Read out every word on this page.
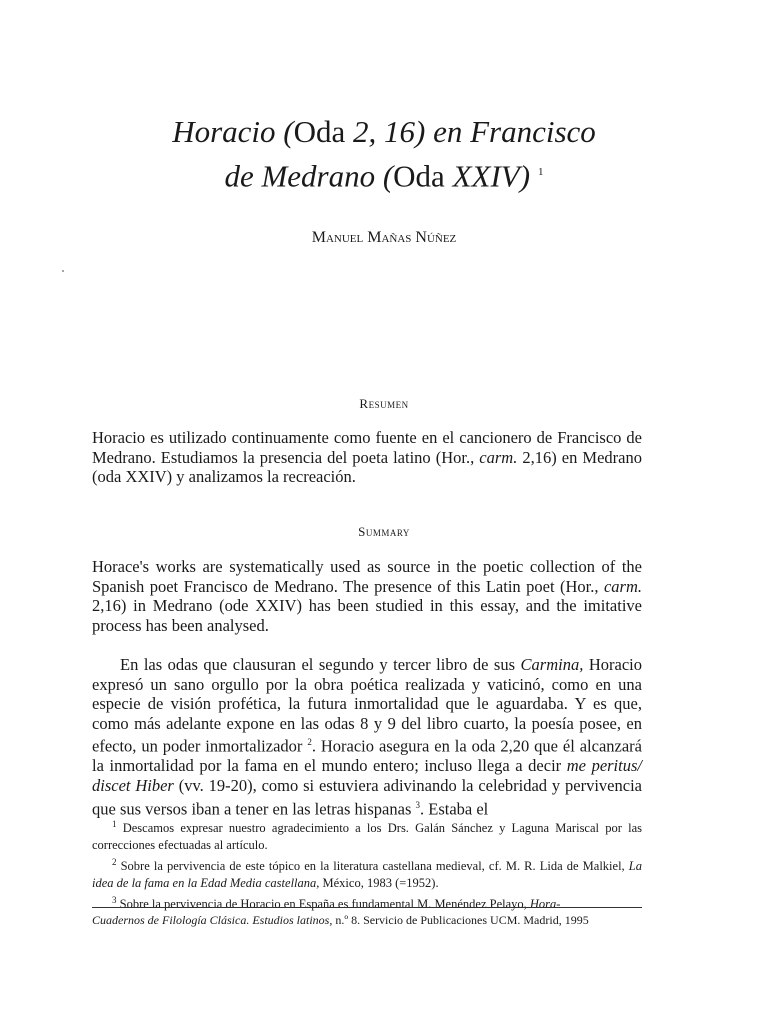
Horacio (Oda 2, 16) en Francisco
de Medrano (Oda XXIV) $^1$
Manuel Mañas Núñez
Resumen
Horacio es utilizado continuamente como fuente en el cancionero de Francisco de Medrano. Estudiamos la presencia del poeta latino (Hor., carm. 2,16) en Medrano (oda XXIV) y analizamos la recreación.
Summary
Horace's works are systematically used as source in the poetic collection of the Spanish poet Francisco de Medrano. The presence of this Latin poet (Hor., carm. 2,16) in Medrano (ode XXIV) has been studied in this essay, and the imitative process has been analysed.
En las odas que clausuran el segundo y tercer libro de sus Carmina, Horacio expresó un sano orgullo por la obra poética realizada y vaticinó, como en una especie de visión profética, la futura inmortalidad que le aguardaba. Y es que, como más adelante expone en las odas 8 y 9 del libro cuarto, la poesía posee, en efecto, un poder inmortalizador $^2$. Horacio asegura en la oda 2,20 que él alcanzará la inmortalidad por la fama en el mundo entero; incluso llega a decir me peritus/ discet Hiber (vv. 19-20), como si estuviera adivinando la celebridad y pervivencia que sus versos iban a tener en las letras hispanas $^3$. Estaba el

$^1$ Descamos expresar nuestro agradecimiento a los Drs. Galán Sánchez y Laguna Mariscal por las correcciones efectuadas al artículo.

$^2$ Sobre la pervivencia de este tópico en la literatura castellana medieval, cf. M. R. Lida de Malkiel, La idea de la fama en la Edad Media castellana, México, 1983 (=1952).

$^3$ Sobre la pervivencia de Horacio en España es fundamental M. Menéndez Pelayo, Hora-

Cuadernos de Filología Clásica. Estudios latinos, n.º 8. Servicio de Publicaciones UCM. Madrid, 1995
